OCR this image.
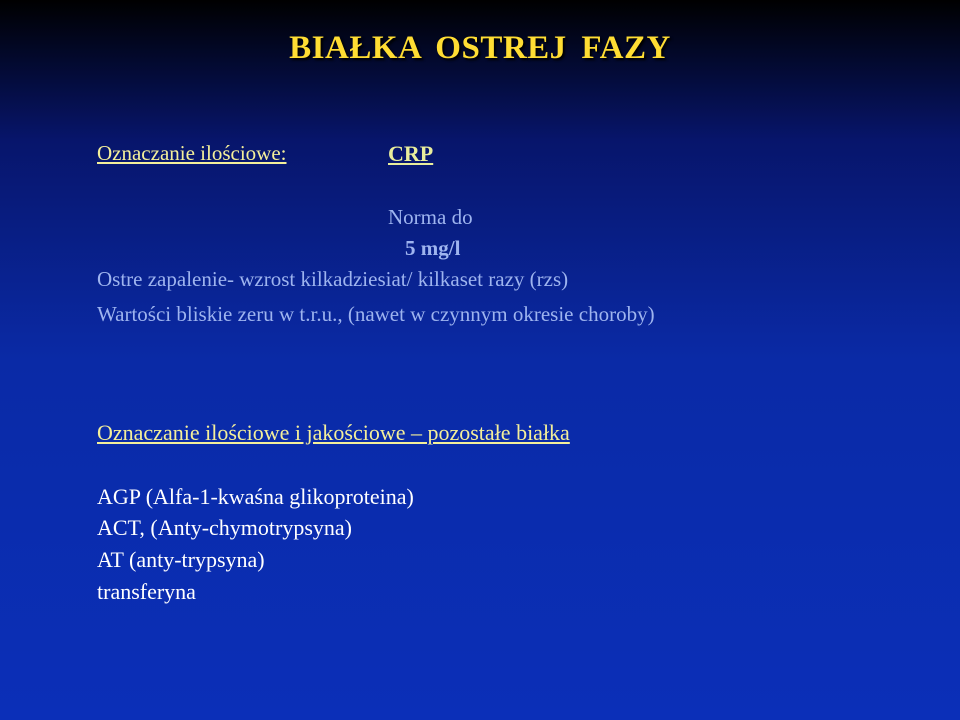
BIAŁKA OSTREJ FAZY
Oznaczanie ilościowe:	CRP
Norma do
5 mg/l
Ostre zapalenie- wzrost kilkadziesiat/ kilkaset razy (rzs)
Wartości bliskie zeru w t.r.u., (nawet w czynnym okresie choroby)
Oznaczanie ilościowe i jakościowe – pozostałe białka
AGP (Alfa-1-kwaśna glikoproteina)
ACT, (Anty-chymotrypsyna)
AT (anty-trypsyna)
transferyna
